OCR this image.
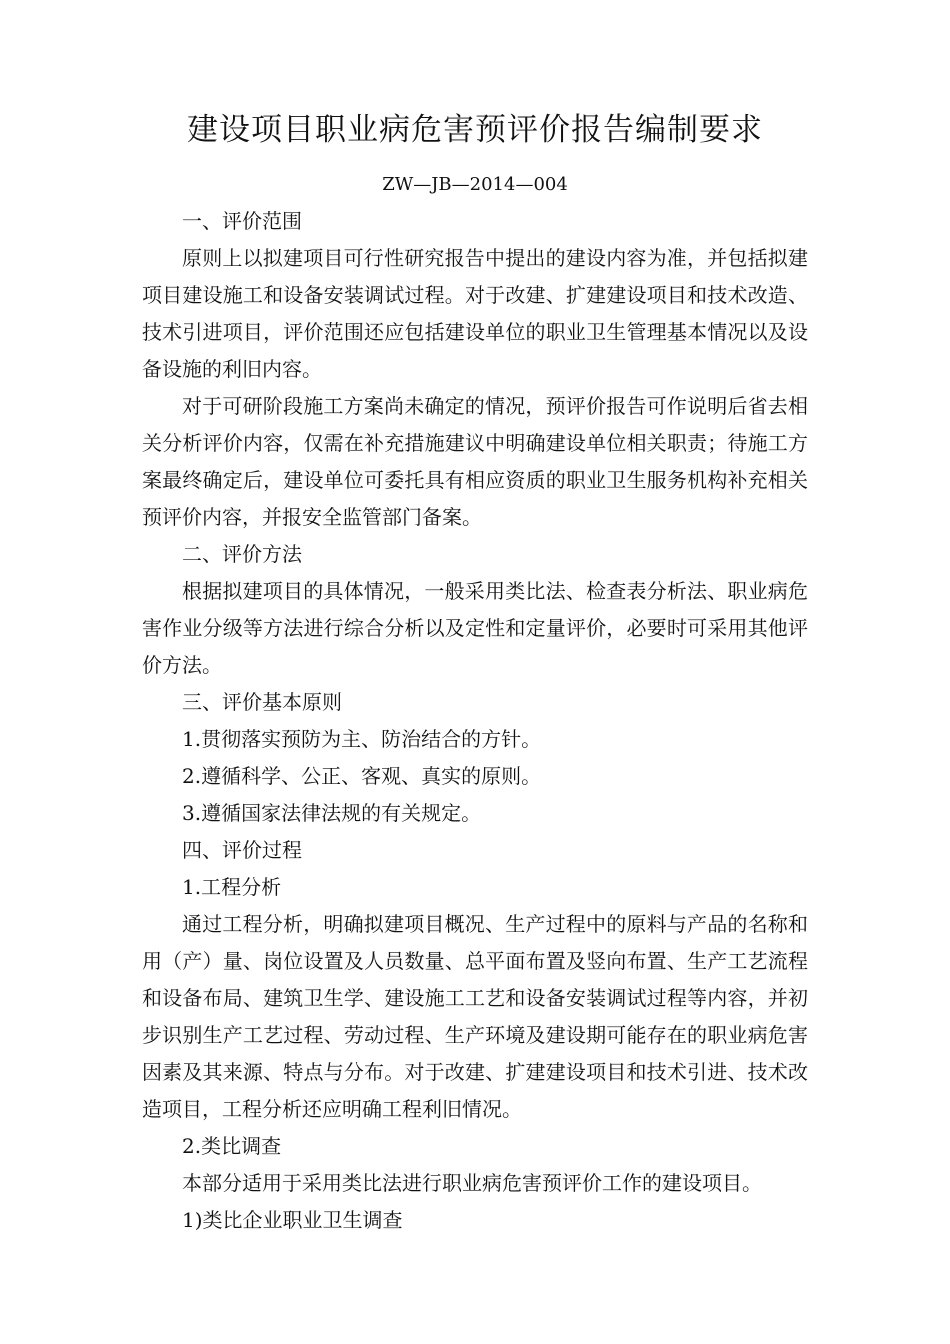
建设项目职业病危害预评价报告编制要求
ZW—JB—2014—004

一、评价范围

原则上以拟建项目可行性研究报告中提出的建设内容为准，并包括拟建项目建设施工和设备安装调试过程。对于改建、扩建建设项目和技术改造、技术引进项目，评价范围还应包括建设单位的职业卫生管理基本情况以及设备设施的利旧内容。

对于可研阶段施工方案尚未确定的情况，预评价报告可作说明后省去相关分析评价内容，仅需在补充措施建议中明确建设单位相关职责；待施工方案最终确定后，建设单位可委托具有相应资质的职业卫生服务机构补充相关预评价内容，并报安全监管部门备案。

二、评价方法

根据拟建项目的具体情况，一般采用类比法、检查表分析法、职业病危害作业分级等方法进行综合分析以及定性和定量评价，必要时可采用其他评价方法。

三、评价基本原则

1.贯彻落实预防为主、防治结合的方针。

2.遵循科学、公正、客观、真实的原则。

3.遵循国家法律法规的有关规定。

四、评价过程

1.工程分析

通过工程分析，明确拟建项目概况、生产过程中的原料与产品的名称和用（产）量、岗位设置及人员数量、总平面布置及竖向布置、生产工艺流程和设备布局、建筑卫生学、建设施工工艺和设备安装调试过程等内容，并初步识别生产工艺过程、劳动过程、生产环境及建设期可能存在的职业病危害因素及其来源、特点与分布。对于改建、扩建建设项目和技术引进、技术改造项目，工程分析还应明确工程利旧情况。

2.类比调查

本部分适用于采用类比法进行职业病危害预评价工作的建设项目。

1)类比企业职业卫生调查
